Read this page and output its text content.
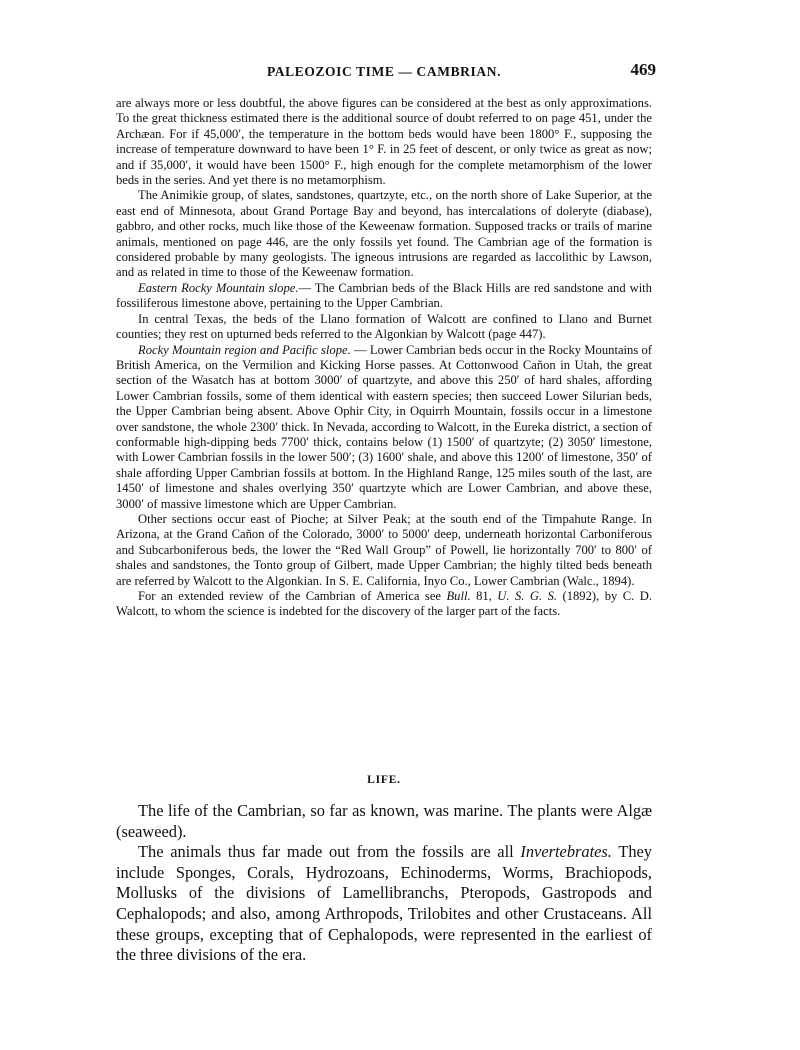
PALEOZOIC TIME — CAMBRIAN.	469

are always more or less doubtful, the above figures can be considered at the best as only approximations. To the great thickness estimated there is the additional source of doubt referred to on page 451, under the Archæan. For if 45,000′, the temperature in the bottom beds would have been 1800° F., supposing the increase of temperature downward to have been 1° F. in 25 feet of descent, or only twice as great as now; and if 35,000′, it would have been 1500° F., high enough for the complete metamorphism of the lower beds in the series. And yet there is no metamorphism.

The Animikie group, of slates, sandstones, quartzyte, etc., on the north shore of Lake Superior, at the east end of Minnesota, about Grand Portage Bay and beyond, has intercalations of doleryte (diabase), gabbro, and other rocks, much like those of the Keweenaw formation. Supposed tracks or trails of marine animals, mentioned on page 446, are the only fossils yet found. The Cambrian age of the formation is considered probable by many geologists. The igneous intrusions are regarded as laccolithic by Lawson, and as related in time to those of the Keweenaw formation.

Eastern Rocky Mountain slope.— The Cambrian beds of the Black Hills are red sandstone and with fossiliferous limestone above, pertaining to the Upper Cambrian.

In central Texas, the beds of the Llano formation of Walcott are confined to Llano and Burnet counties; they rest on upturned beds referred to the Algonkian by Walcott (page 447).

Rocky Mountain region and Pacific slope. — Lower Cambrian beds occur in the Rocky Mountains of British America, on the Vermilion and Kicking Horse passes. At Cottonwood Cañon in Utah, the great section of the Wasatch has at bottom 3000′ of quartzyte, and above this 250′ of hard shales, affording Lower Cambrian fossils, some of them identical with eastern species; then succeed Lower Silurian beds, the Upper Cambrian being absent. Above Ophir City, in Oquirrh Mountain, fossils occur in a limestone over sandstone, the whole 2300′ thick. In Nevada, according to Walcott, in the Eureka district, a section of conformable high-dipping beds 7700′ thick, contains below (1) 1500′ of quartzyte; (2) 3050′ limestone, with Lower Cambrian fossils in the lower 500′; (3) 1600′ shale, and above this 1200′ of limestone, 350′ of shale affording Upper Cambrian fossils at bottom. In the Highland Range, 125 miles south of the last, are 1450′ of limestone and shales overlying 350′ quartzyte which are Lower Cambrian, and above these, 3000′ of massive limestone which are Upper Cambrian.

Other sections occur east of Pioche; at Silver Peak; at the south end of the Timpahute Range. In Arizona, at the Grand Cañon of the Colorado, 3000′ to 5000′ deep, underneath horizontal Carboniferous and Subcarboniferous beds, the lower the “Red Wall Group” of Powell, lie horizontally 700′ to 800′ of shales and sandstones, the Tonto group of Gilbert, made Upper Cambrian; the highly tilted beds beneath are referred by Walcott to the Algonkian. In S. E. California, Inyo Co., Lower Cambrian (Walc., 1894).

For an extended review of the Cambrian of America see Bull. 81, U. S. G. S. (1892), by C. D. Walcott, to whom the science is indebted for the discovery of the larger part of the facts.

LIFE.

The life of the Cambrian, so far as known, was marine. The plants were Algæ (seaweed).

The animals thus far made out from the fossils are all Invertebrates. They include Sponges, Corals, Hydrozoans, Echinoderms, Worms, Brachiopods, Mollusks of the divisions of Lamellibranchs, Pteropods, Gastropods and Cephalopods; and also, among Arthropods, Trilobites and other Crustaceans. All these groups, excepting that of Cephalopods, were represented in the earliest of the three divisions of the era.
